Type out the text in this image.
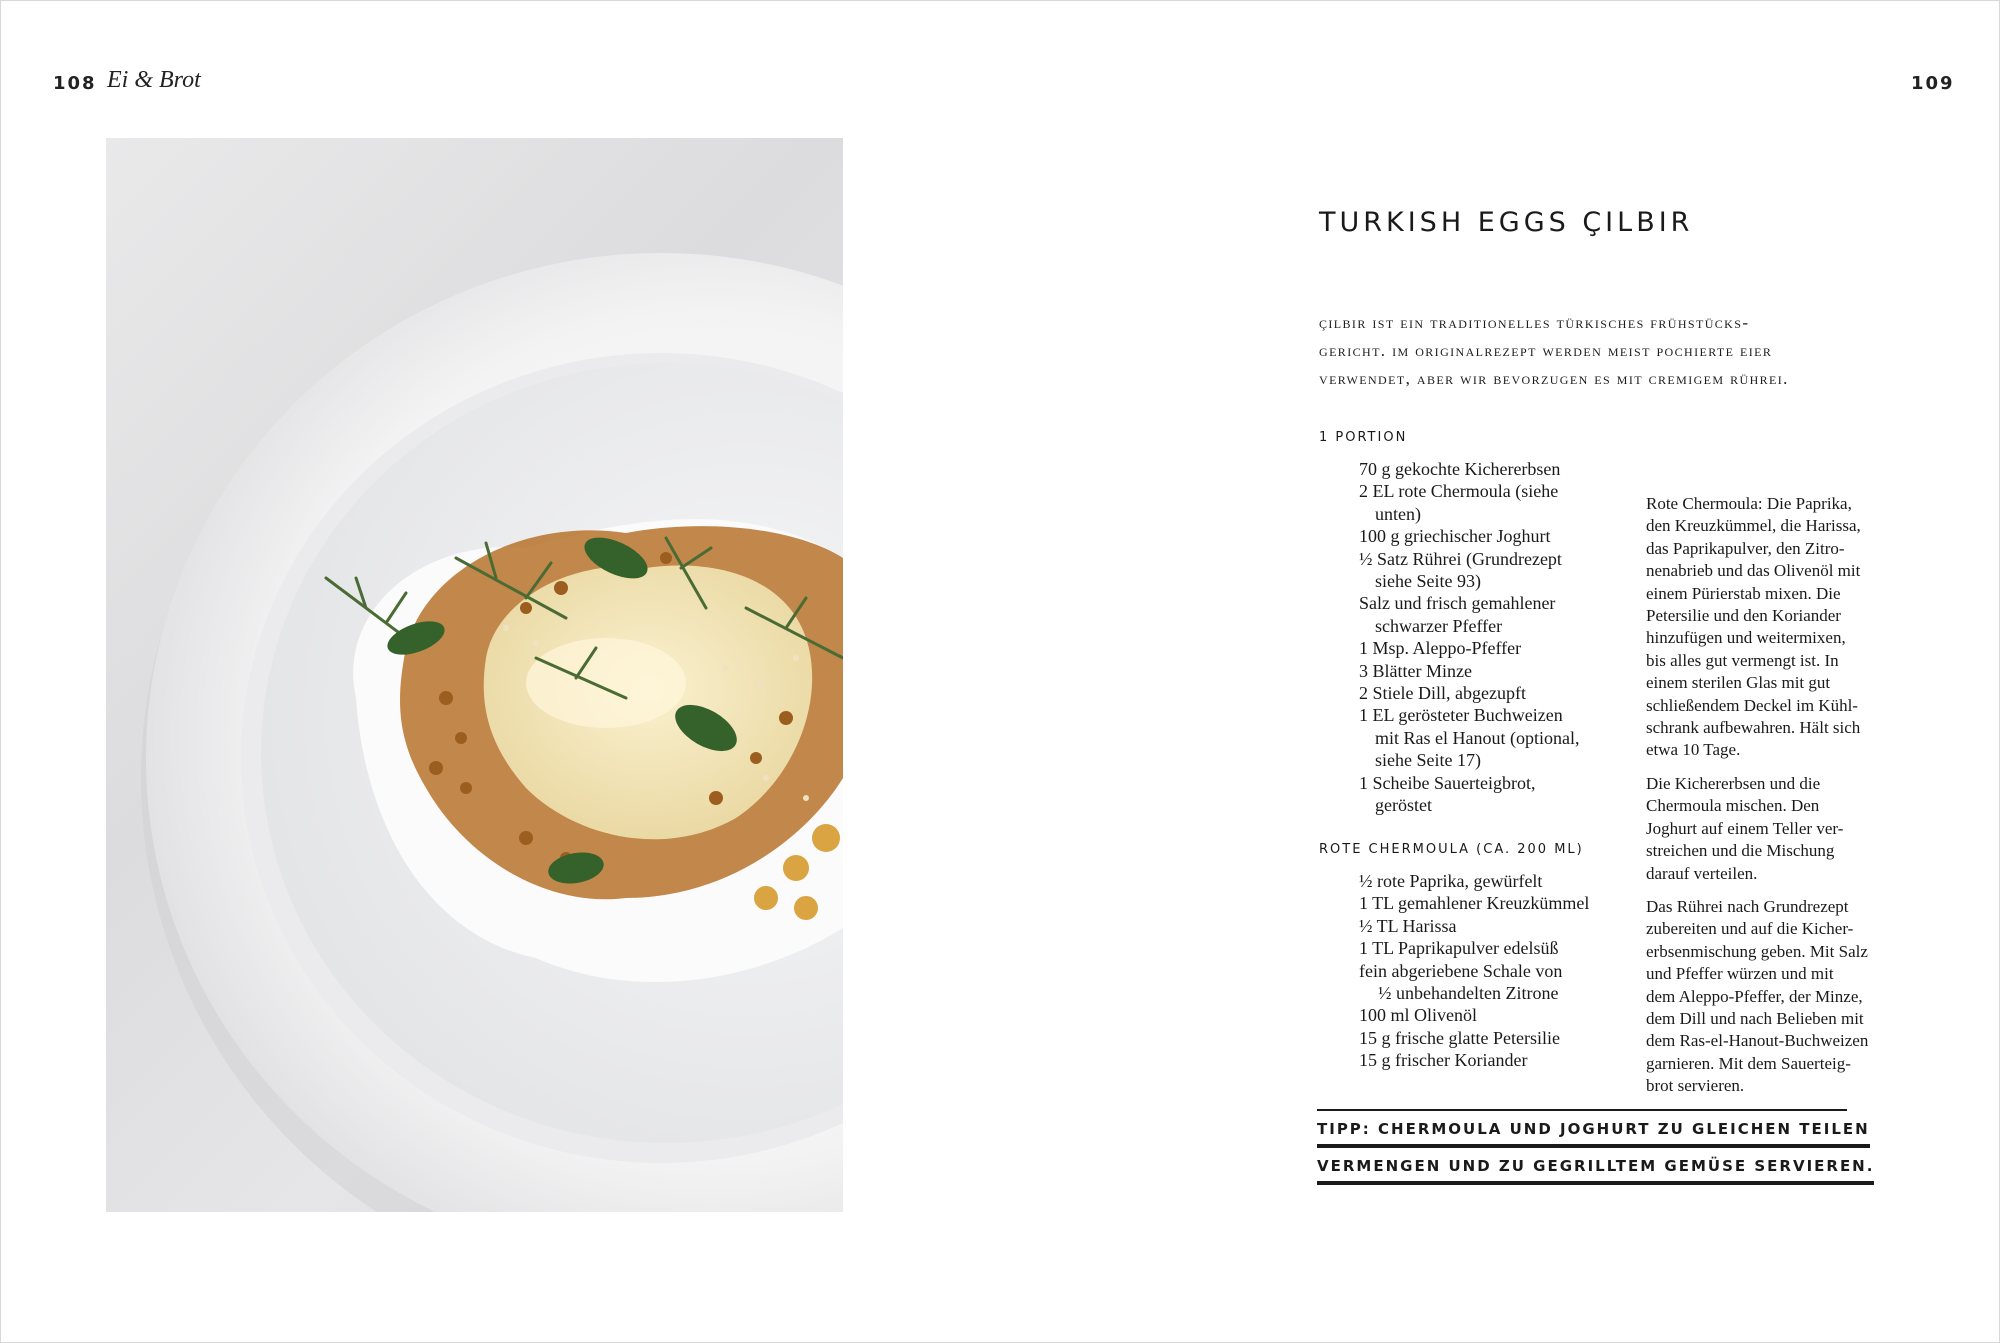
108 Ei & Brot	109
TURKISH EGGS ÇILBIR
çilbir ist ein traditionelles türkisches frühstücks-
gericht. im originalrezept werden meist pochierte eier
verwendet, aber wir bevorzugen es mit cremigem rührei.
1 PORTION
70 g gekochte Kichererbsen
2 EL rote Chermoula (siehe
unten)
100 g griechischer Joghurt
½ Satz Rührei (Grundrezept
siehe Seite 93)
Salz und frisch gemahlener
schwarzer Pfeffer
1 Msp. Aleppo-Pfeffer
3 Blätter Minze
2 Stiele Dill, abgezupft
1 EL gerösteter Buchweizen
mit Ras el Hanout (optional,
siehe Seite 17)
1 Scheibe Sauerteigbrot,
geröstet
ROTE CHERMOULA (CA. 200 ML)
½ rote Paprika, gewürfelt
1 TL gemahlener Kreuzkümmel
½ TL Harissa
1 TL Paprikapulver edelsüß
fein abgeriebene Schale von
½ unbehandelten Zitrone
100 ml Olivenöl
15 g frische glatte Petersilie
15 g frischer Koriander

Rote Chermoula: Die Paprika,
den Kreuzkümmel, die Harissa,
das Paprikapulver, den Zitro-
nenabrieb und das Olivenöl mit
einem Pürierstab mixen. Die
Petersilie und den Koriander
hinzufügen und weitermixen,
bis alles gut vermengt ist. In
einem sterilen Glas mit gut
schließendem Deckel im Kühl-
schrank aufbewahren. Hält sich
etwa 10 Tage.

Die Kichererbsen und die
Chermoula mischen. Den
Joghurt auf einem Teller ver-
streichen und die Mischung
darauf verteilen.

Das Rührei nach Grundrezept
zubereiten und auf die Kicher-
erbsenmischung geben. Mit Salz
und Pfeffer würzen und mit
dem Aleppo-Pfeffer, der Minze,
dem Dill und nach Belieben mit
dem Ras-el-Hanout-Buchweizen
garnieren. Mit dem Sauerteig-
brot servieren.

TIPP: CHERMOULA UND JOGHURT ZU GLEICHEN TEILEN
VERMENGEN UND ZU GEGRILLTEM GEMÜSE SERVIEREN.
